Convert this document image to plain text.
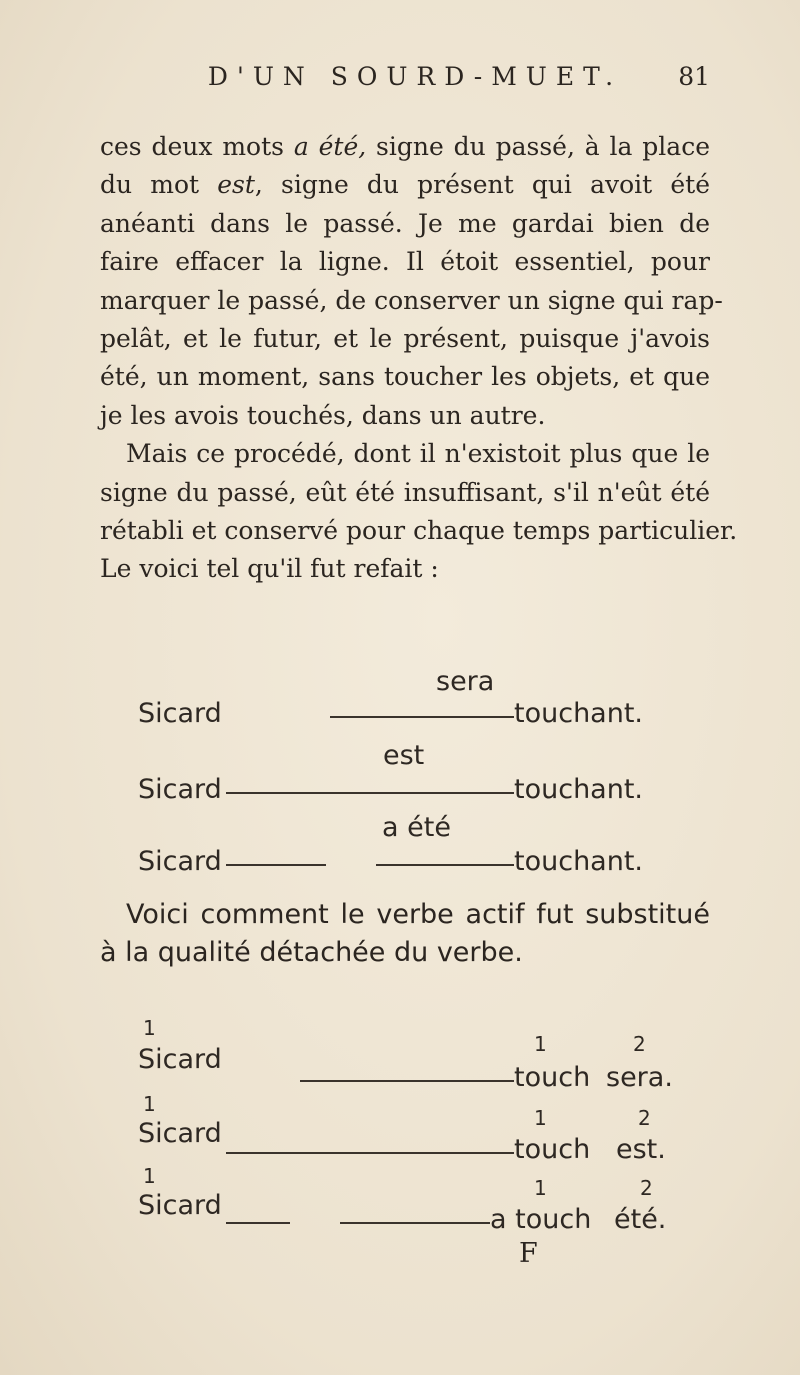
D'UN SOURD-MUET.	81

ces deux mots a été, signe du passé, à la place
du mot est, signe du présent qui avoit été
anéanti dans le passé. Je me gardai bien de
faire effacer la ligne. Il étoit essentiel, pour
marquer le passé, de conserver un signe qui rap-
pelât, et le futur, et le présent, puisque j'avois
été, un moment, sans toucher les objets, et que
je les avois touchés, dans un autre.

Mais ce procédé, dont il n'existoit plus que le
signe du passé, eût été insuffisant, s'il n'eût été
rétabli et conservé pour chaque temps particulier.
Le voici tel qu'il fut refait :

sera
Sicard	touchant.
est
Sicard	touchant.
a été
Sicard	touchant.
Voici comment le verbe actif fut substitué
à la qualité détachée du verbe.
1
Sicard	1	2
touch sera.
1
Sicard	1	2
touch est.
1
Sicard
1	2
a touch été.
F
